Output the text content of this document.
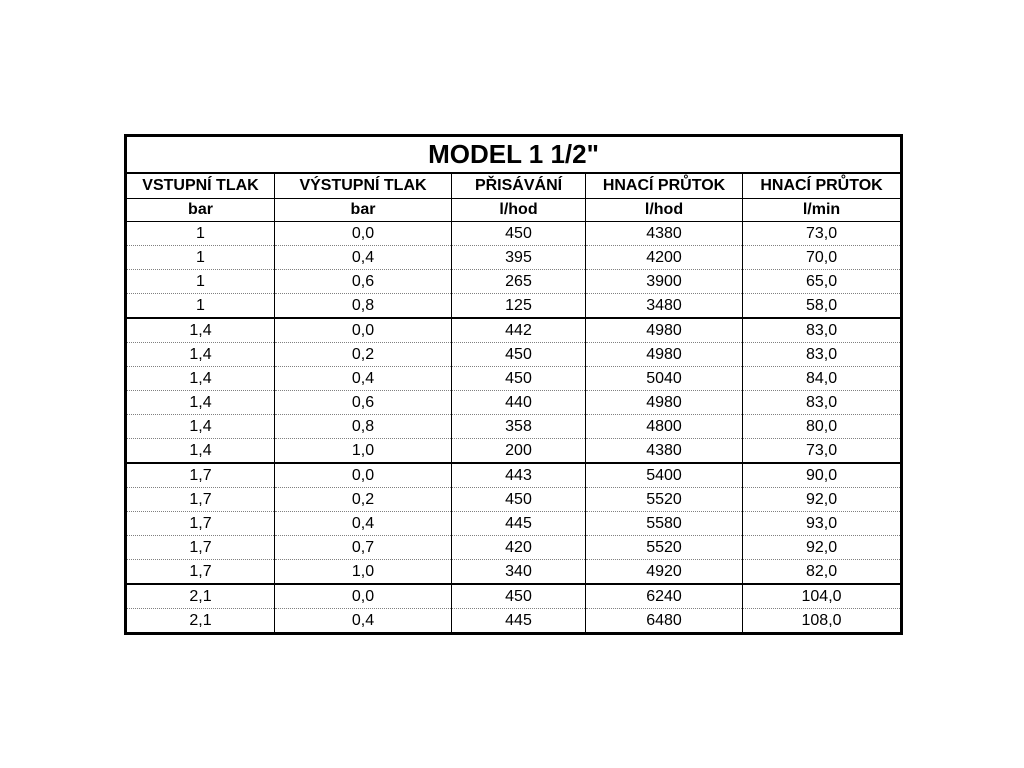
MODEL 1 1/2"				
VSTUPNÍ TLAK	VÝSTUPNÍ TLAK	PŘISÁVÁNÍ	HNACÍ PRŮTOK	HNACÍ PRŮTOK
bar	bar	l/hod	l/hod	l/min
1	0,0	450	4380	73,0
1	0,4	395	4200	70,0
1	0,6	265	3900	65,0
1	0,8	125	3480	58,0
1,4	0,0	442	4980	83,0
1,4	0,2	450	4980	83,0
1,4	0,4	450	5040	84,0
1,4	0,6	440	4980	83,0
1,4	0,8	358	4800	80,0
1,4	1,0	200	4380	73,0
1,7	0,0	443	5400	90,0
1,7	0,2	450	5520	92,0
1,7	0,4	445	5580	93,0
1,7	0,7	420	5520	92,0
1,7	1,0	340	4920	82,0
2,1	0,0	450	6240	104,0
2,1	0,4	445	6480	108,0
